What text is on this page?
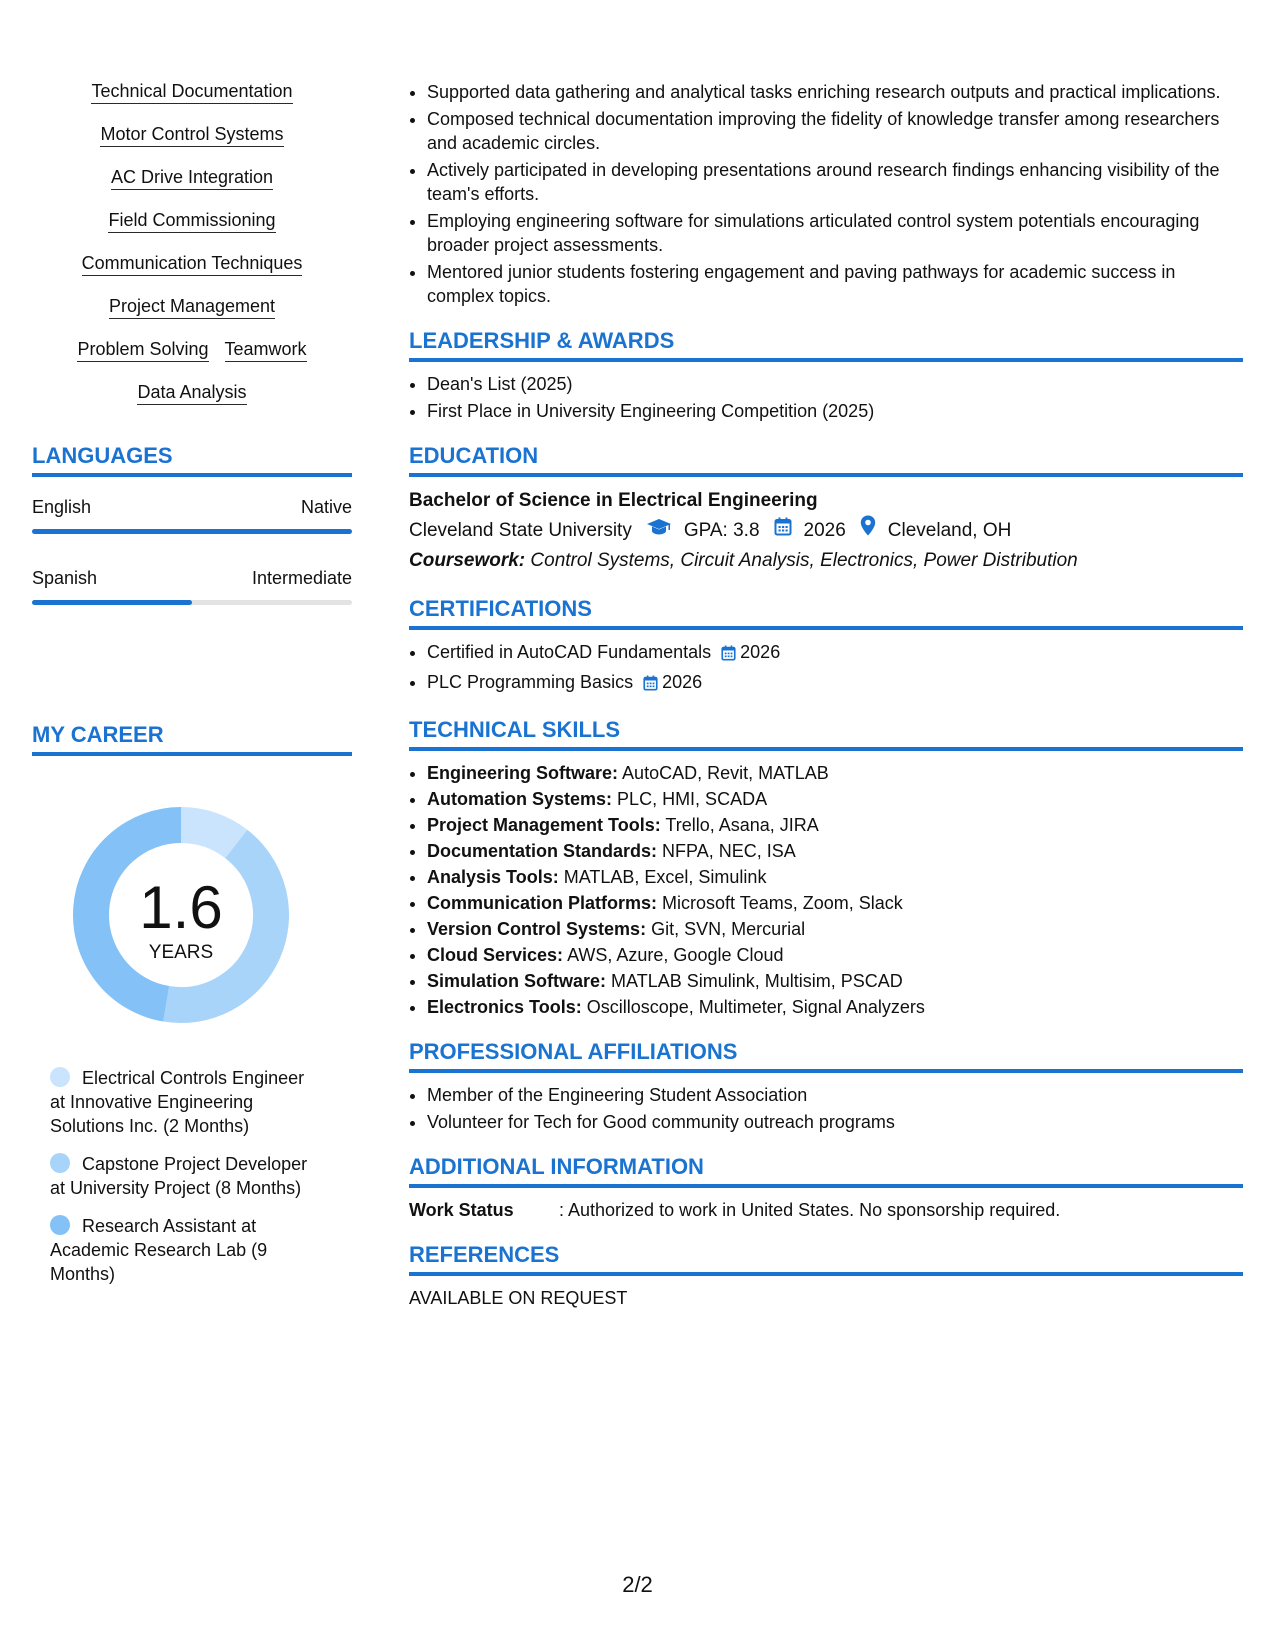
Technical Documentation
Motor Control Systems
AC Drive Integration
Field Commissioning
Communication Techniques
Project Management
Problem Solving Teamwork
Data Analysis
LANGUAGES
English	Native
Spanish	Intermediate
MY CAREER
1.6
YEARS
Electrical Controls Engineer at Innovative Engineering Solutions Inc. (2 Months)
Capstone Project Developer at University Project (8 Months)
Research Assistant at Academic Research Lab (9 Months)
• Supported data gathering and analytical tasks enriching research outputs and practical implications.
• Composed technical documentation improving the fidelity of knowledge transfer among researchers and academic circles.
• Actively participated in developing presentations around research findings enhancing visibility of the team's efforts.
• Employing engineering software for simulations articulated control system potentials encouraging broader project assessments.
• Mentored junior students fostering engagement and paving pathways for academic success in complex topics.
LEADERSHIP & AWARDS
• Dean's List (2025)
• First Place in University Engineering Competition (2025)
EDUCATION
Bachelor of Science in Electrical Engineering
Cleveland State University	GPA: 3.8 2026 Cleveland, OH
Coursework: Control Systems, Circuit Analysis, Electronics, Power Distribution
CERTIFICATIONS
• Certified in AutoCAD Fundamentals 2026
• PLC Programming Basics 2026
TECHNICAL SKILLS
• Engineering Software: AutoCAD, Revit, MATLAB
• Automation Systems: PLC, HMI, SCADA
• Project Management Tools: Trello, Asana, JIRA
• Documentation Standards: NFPA, NEC, ISA
• Analysis Tools: MATLAB, Excel, Simulink
• Communication Platforms: Microsoft Teams, Zoom, Slack
• Version Control Systems: Git, SVN, Mercurial
• Cloud Services: AWS, Azure, Google Cloud
• Simulation Software: MATLAB Simulink, Multisim, PSCAD
• Electronics Tools: Oscilloscope, Multimeter, Signal Analyzers
PROFESSIONAL AFFILIATIONS
• Member of the Engineering Student Association
• Volunteer for Tech for Good community outreach programs
ADDITIONAL INFORMATION
Work Status	: Authorized to work in United States. No sponsorship required.
REFERENCES
AVAILABLE ON REQUEST
2/2
